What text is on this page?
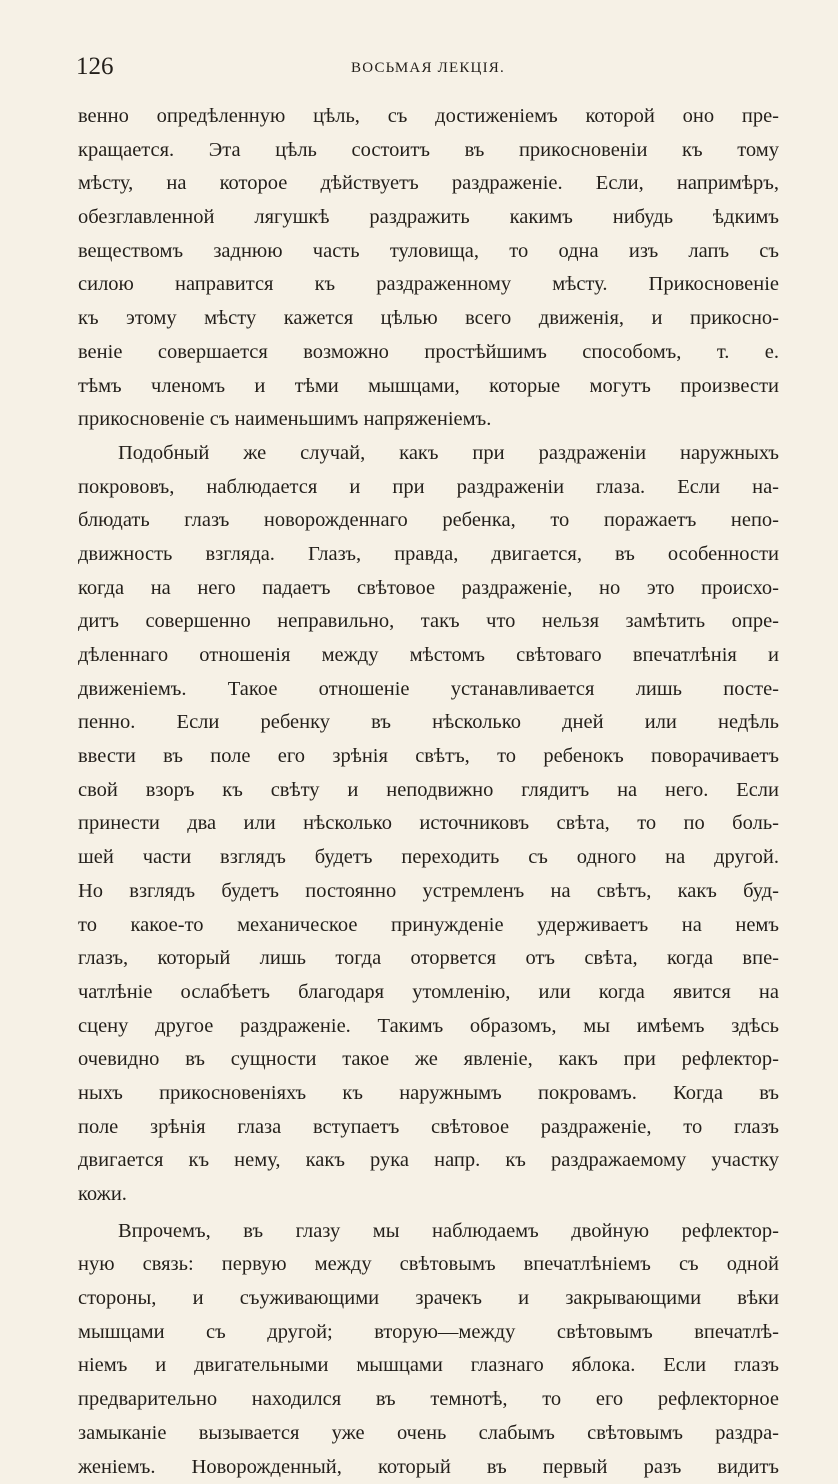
126	ВОСЬМАЯ ЛЕКЦІЯ.
венно опредѣленную цѣль, съ достиженіемъ которой оно пре-
кращается. Эта цѣль состоитъ въ прикосновеніи къ тому
мѣсту, на которое дѣйствуетъ раздраженіе. Если, напримѣръ,
обезглавленной лягушкѣ раздражить какимъ нибудь ѣдкимъ
веществомъ заднюю часть туловища, то одна изъ лапъ съ
силою направится къ раздраженному мѣсту. Прикосновеніе
къ этому мѣсту кажется цѣлью всего движенія, и прикосно-
веніе совершается возможно простѣйшимъ способомъ, т. е.
тѣмъ членомъ и тѣми мышцами, которые могутъ произвести
прикосновеніе съ наименьшимъ напряженіемъ.
Подобный же случай, какъ при раздраженіи наружныхъ
покрововъ, наблюдается и при раздраженіи глаза. Если на-
блюдать глазъ новорожденнаго ребенка, то поражаетъ непо-
движность взгляда. Глазъ, правда, двигается, въ особенности
когда на него падаетъ свѣтовое раздраженіе, но это происхо-
дитъ совершенно неправильно, такъ что нельзя замѣтить опре-
дѣленнаго отношенія между мѣстомъ свѣтоваго впечатлѣнія и
движеніемъ. Такое отношеніе устанавливается лишь посте-
пенно. Если ребенку въ нѣсколько дней или недѣль
ввести въ поле его зрѣнія свѣтъ, то ребенокъ поворачиваетъ
свой взоръ къ свѣту и неподвижно глядитъ на него. Если
принести два или нѣсколько источниковъ свѣта, то по боль-
шей части взглядъ будетъ переходить съ одного на другой.
Но взглядъ будетъ постоянно устремленъ на свѣтъ, какъ буд-
то какое-то механическое принужденіе удерживаетъ на немъ
глазъ, который лишь тогда оторвется отъ свѣта, когда впе-
чатлѣніе ослабѣетъ благодаря утомленію, или когда явится на
сцену другое раздраженіе. Такимъ образомъ, мы имѣемъ здѣсь
очевидно въ сущности такое же явленіе, какъ при рефлектор-
ныхъ прикосновеніяхъ къ наружнымъ покровамъ. Когда въ
поле зрѣнія глаза вступаетъ свѣтовое раздраженіе, то глазъ
двигается къ нему, какъ рука напр. къ раздражаемому участку
кожи.
Впрочемъ, въ глазу мы наблюдаемъ двойную рефлектор-
ную связь: первую между свѣтовымъ впечатлѣніемъ съ одной
стороны, и съуживающими зрачекъ и закрывающими вѣки
мышцами съ другой; вторую—между свѣтовымъ впечатлѣ-
ніемъ и двигательными мышцами глазнаго яблока. Если глазъ
предварительно находился въ темнотѣ, то его рефлекторное
замыканіе вызывается уже очень слабымъ свѣтовымъ раздра-
женіемъ. Новорожденный, который въ первый разъ видитъ
